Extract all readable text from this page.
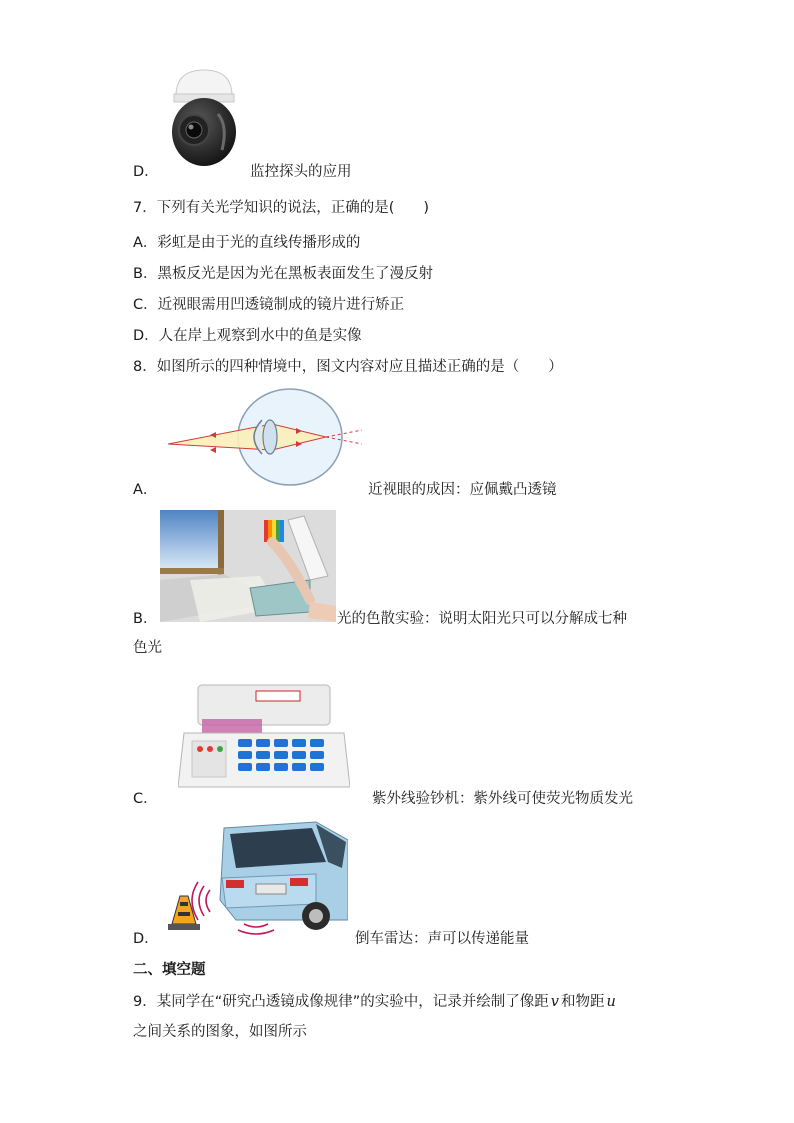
D．	监控探头的应用
7．下列有关光学知识的说法，正确的是(　　)
A．彩虹是由于光的直线传播形成的
B．黑板反光是因为光在黑板表面发生了漫反射
C．近视眼需用凹透镜制成的镜片进行矫正
D．人在岸上观察到水中的鱼是实像
8．如图所示的四种情境中，图文内容对应且描述正确的是（　　）
A．	近视眼的成因：应佩戴凸透镜
B．	光的色散实验：说明太阳光只可以分解成七种
色光
C．	紫外线验钞机：紫外线可使荧光物质发光
D．	倒车雷达：声可以传递能量
二、填空题
9．某同学在“研究凸透镜成像规律”的实验中，记录并绘制了像距 v 和物距 u
之间关系的图象，如图所示
